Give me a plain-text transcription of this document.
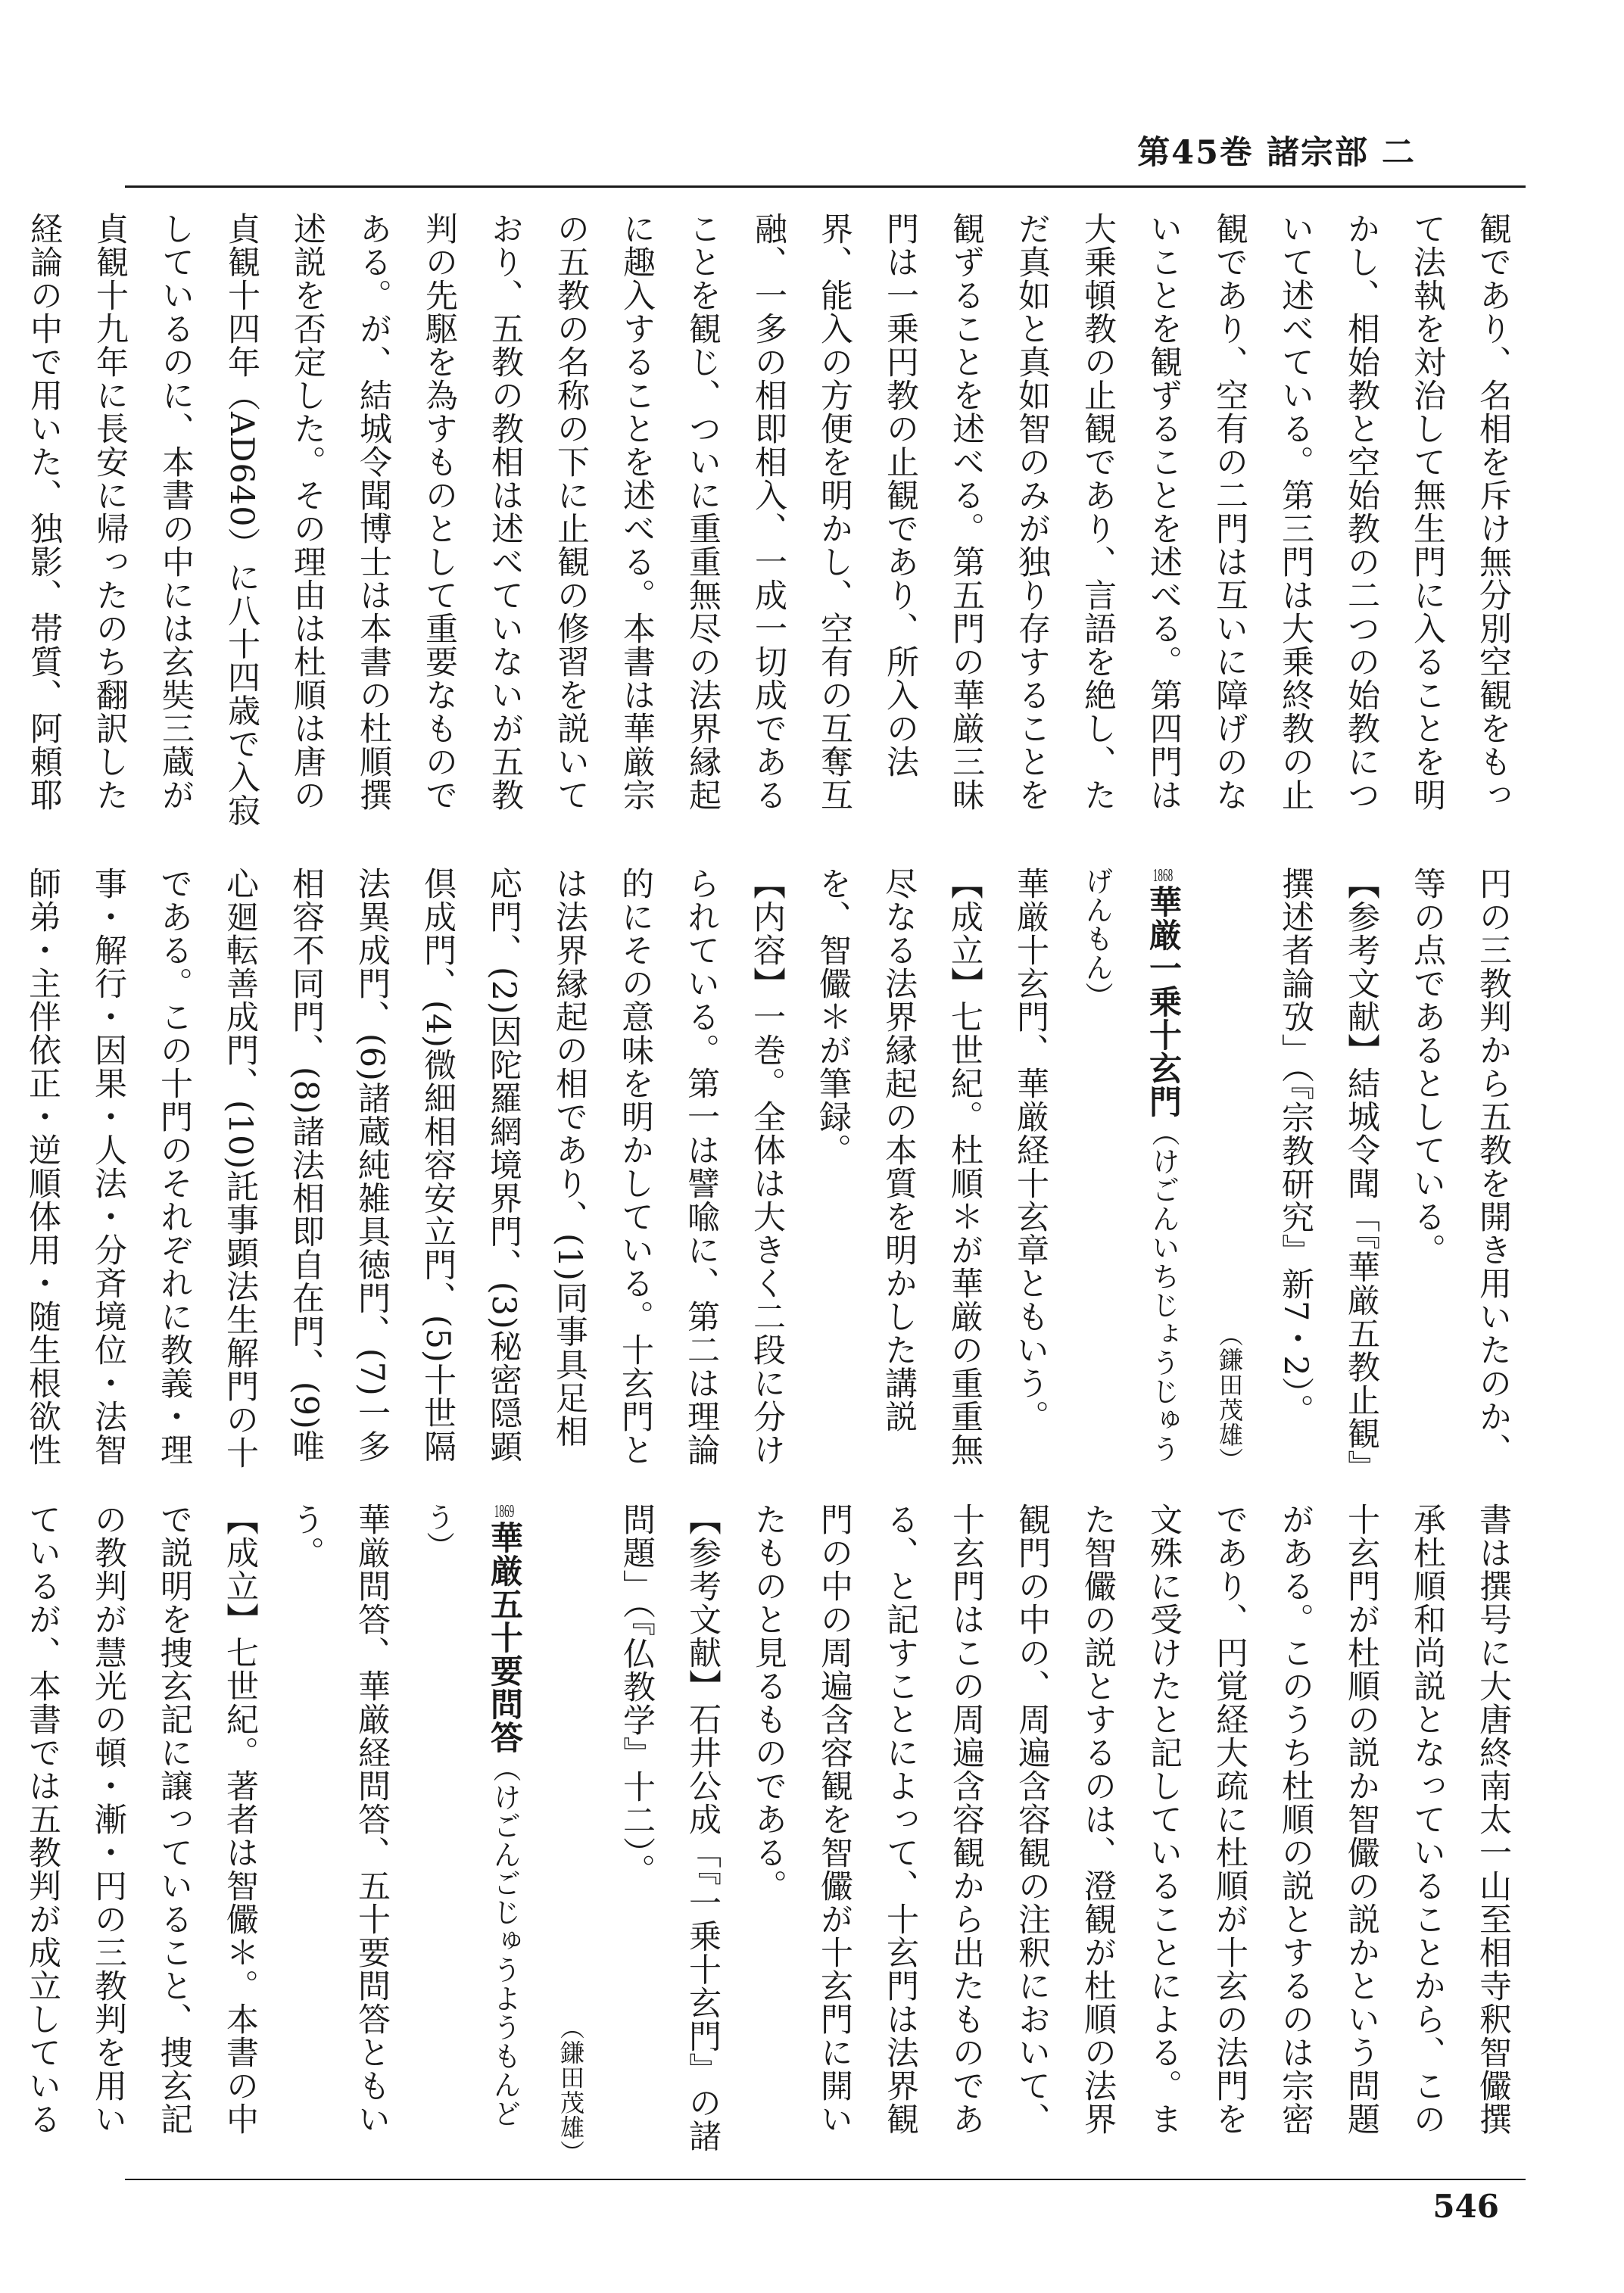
第45巻 諸宗部 二
観であり、名相を斥け無分別空観をもって法執を対治して無生門に入ることを明かし、相始教と空始教の二つの始教について述べている。第三門は大乗終教の止観であり、空有の二門は互いに障げのないことを観ずることを述べる。第四門は大乗頓教の止観であり、言語を絶し、ただ真如と真如智のみが独り存することを観ずることを述べる。第五門の華厳三昧門は一乗円教の止観であり、所入の法界、能入の方便を明かし、空有の互奪互融、一多の相即相入、一成一切成であることを観じ、ついに重重無尽の法界縁起に趣入することを述べる。本書は華厳宗の五教の名称の下に止観の修習を説いており、五教の教相は述べていないが五教判の先駆を為すものとして重要なものである。が、結城令聞博士は本書の杜順撰述説を否定した。その理由は杜順は唐の貞観十四年（AD640）に八十四歳で入寂しているのに、本書の中には玄奘三蔵が貞観十九年に長安に帰ったのち翻訳した経論の中で用いた、独影、帯質、阿頼耶
円の三教判から五教を開き用いたのか、等の点であるとしている。
【参考文献】結城令聞「『華厳五教止観』撰述者論攷」（『宗教研究』新7・2）。
（鎌田茂雄）
1868華厳一乗十玄門（けごんいちじょうじゅうげんもん）
華厳十玄門、華厳経十玄章ともいう。
【成立】七世紀。杜順＊が華厳の重重無尽なる法界縁起の本質を明かした講説を、智儼＊が筆録。
【内容】一巻。全体は大きく二段に分けられている。第一は譬喩に、第二は理論的にその意味を明かしている。十玄門とは法界縁起の相であり、(1)同事具足相応門、(2)因陀羅網境界門、(3)秘密隠顕倶成門、(4)微細相容安立門、(5)十世隔法異成門、(6)諸蔵純雑具徳門、(7)一多相容不同門、(8)諸法相即自在門、(9)唯心廻転善成門、(10)託事顕法生解門の十である。この十門のそれぞれに教義・理事・解行・因果・人法・分斉境位・法智師弟・主伴依正・逆順体用・随生根欲性
書は撰号に大唐終南太一山至相寺釈智儼撰承杜順和尚説となっていることから、この十玄門が杜順の説か智儼の説かという問題がある。このうち杜順の説とするのは宗密であり、円覚経大疏に杜順が十玄の法門を文殊に受けたと記していることによる。また智儼の説とするのは、澄観が杜順の法界観門の中の、周遍含容観の注釈において、十玄門はこの周遍含容観から出たものである、と記すことによって、十玄門は法界観門の中の周遍含容観を智儼が十玄門に開いたものと見るものである。
【参考文献】石井公成「『一乗十玄門』の諸問題」（『仏教学』十二）。
（鎌田茂雄）
1869華厳五十要問答（けごんごじゅうようもんどう）
華厳問答、華厳経問答、五十要問答ともいう。
【成立】七世紀。著者は智儼＊。本書の中で説明を捜玄記に譲っていること、捜玄記の教判が慧光の頓・漸・円の三教判を用いているが、本書では五教判が成立している
546
